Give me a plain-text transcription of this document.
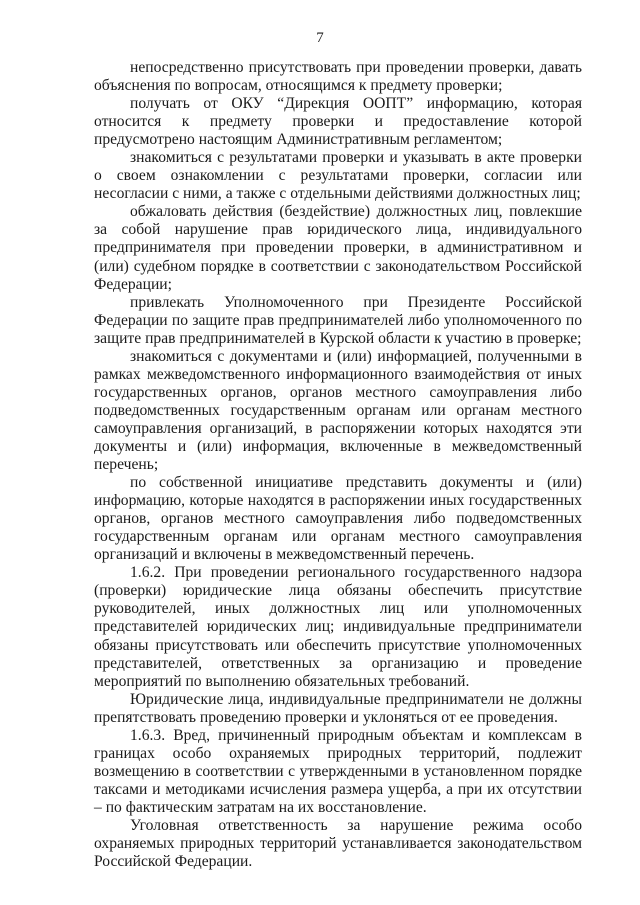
7

непосредственно присутствовать при проведении проверки, давать объяснения по вопросам, относящимся к предмету проверки;

получать от ОКУ “Дирекция ООПТ” информацию, которая относится к предмету проверки и предоставление которой предусмотрено настоящим Административным регламентом;

знакомиться с результатами проверки и указывать в акте проверки о своем ознакомлении с результатами проверки, согласии или несогласии с ними, а также с отдельными действиями должностных лиц;

обжаловать действия (бездействие) должностных лиц, повлекшие за собой нарушение прав юридического лица, индивидуального предпринимателя при проведении проверки, в административном и (или) судебном порядке в соответствии с законодательством Российской Федерации;

привлекать Уполномоченного при Президенте Российской Федерации по защите прав предпринимателей либо уполномоченного по защите прав предпринимателей в Курской области к участию в проверке;

знакомиться с документами и (или) информацией, полученными в рамках межведомственного информационного взаимодействия от иных государственных органов, органов местного самоуправления либо подведомственных государственным органам или органам местного самоуправления организаций, в распоряжении которых находятся эти документы и (или) информация, включенные в межведомственный перечень;

по собственной инициативе представить документы и (или) информацию, которые находятся в распоряжении иных государственных органов, органов местного самоуправления либо подведомственных государственным органам или органам местного самоуправления организаций и включены в межведомственный перечень.

1.6.2. При проведении регионального государственного надзора (проверки) юридические лица обязаны обеспечить присутствие руководителей, иных должностных лиц или уполномоченных представителей юридических лиц; индивидуальные предприниматели обязаны присутствовать или обеспечить присутствие уполномоченных представителей, ответственных за организацию и проведение мероприятий по выполнению обязательных требований.

Юридические лица, индивидуальные предприниматели не должны препятствовать проведению проверки и уклоняться от ее проведения.

1.6.3. Вред, причиненный природным объектам и комплексам в границах особо охраняемых природных территорий, подлежит возмещению в соответствии с утвержденными в установленном порядке таксами и методиками исчисления размера ущерба, а при их отсутствии – по фактическим затратам на их восстановление.

Уголовная ответственность за нарушение режима особо охраняемых природных территорий устанавливается законодательством Российской Федерации.
